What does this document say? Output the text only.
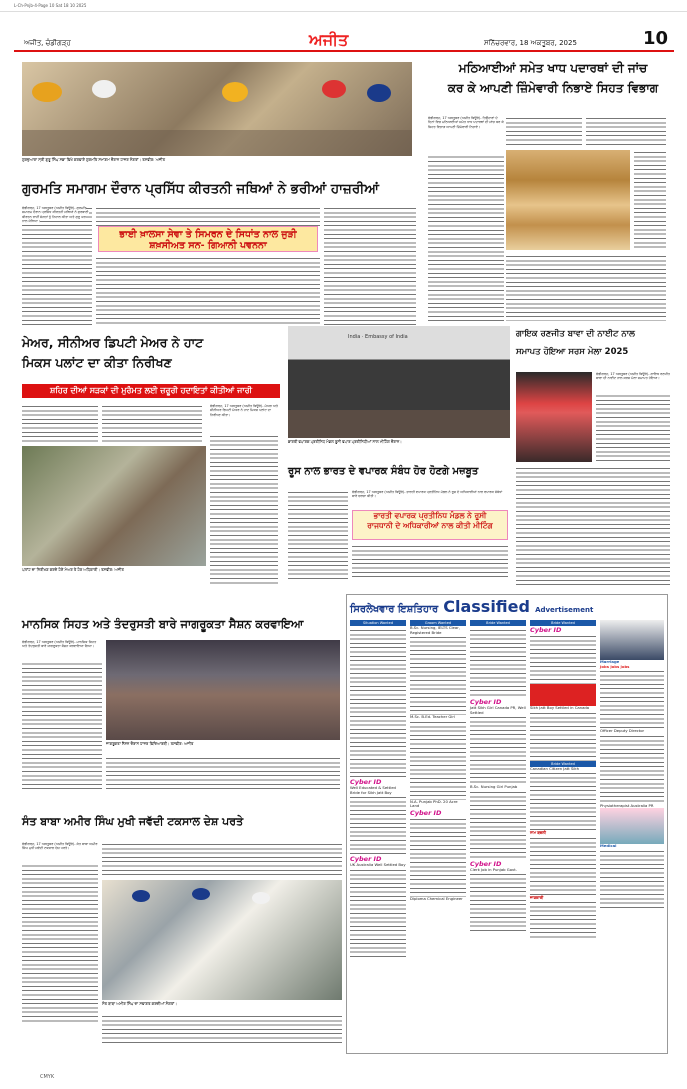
L-Ch-Pnjb-4-Page 10 Sat 18 10 2025
ਅਜੀਤ, ਚੰਡੀਗੜ੍ਹ	ਅਜੀਤ	ਸਨਿੱਚਰਵਾਰ, 18 ਅਕਤੂਬਰ, 2025	10
ਗੁਰਦੁਆਰਾ ਸ੍ਰੀ ਗੁਰੂ ਸਿੰਘ ਸਭਾ ਵਿਖੇ ਕਰਵਾਏ ਗੁਰਮਤਿ ਸਮਾਗਮ ਦੌਰਾਨ ਹਾਜ਼ਰ ਸੰਗਤਾਂ। ਤਸਵੀਰ: ਅਜੀਤ
ਗੁਰਮਤਿ ਸਮਾਗਮ ਦੌਰਾਨ ਪ੍ਰਸਿੱਧ ਕੀਰਤਨੀ ਜਥਿਆਂ ਨੇ ਭਰੀਆਂ ਹਾਜ਼ਰੀਆਂ
ਚੰਡੀਗੜ੍ਹ, 17 ਅਕਤੂਬਰ (ਅਜੀਤ ਬਿਊਰੋ)- ਗੁਰਮਤਿ ਸਮਾਗਮ ਦੌਰਾਨ ਪ੍ਰਸਿੱਧ ਕੀਰਤਨੀ ਜਥਿਆਂ ਨੇ ਗੁਰਬਾਣੀ ਕੀਰਤਨ ਰਾਹੀਂ ਸੰਗਤਾਂ ਨੂੰ ਨਿਹਾਲ ਕੀਤਾ ਅਤੇ ਗੁਰੂ ਘਰ ਨਾਲ ਜੋੜਿਆ।
ਭਾਈ ਖ਼ਾਲਸਾ ਸੇਵਾ ਤੇ ਸਿਮਰਨ ਦੇ ਸਿਧਾਂਤ ਨਾਲ ਜੁੜੀ ਸ਼ਖ਼ਸੀਅਤ ਸਨ- ਗਿਆਨੀ ਪਵਨਨਾ
ਮਠਿਆਈਆਂ ਸਮੇਤ ਖਾਧ ਪਦਾਰਥਾਂ ਦੀ ਜਾਂਚ
ਕਰ ਕੇ ਆਪਣੀ ਜ਼ਿੰਮੇਵਾਰੀ ਨਿਭਾਏ ਸਿਹਤ ਵਿਭਾਗ
ਚੰਡੀਗੜ੍ਹ, 17 ਅਕਤੂਬਰ (ਅਜੀਤ ਬਿਊਰੋ)- ਤਿਉਹਾਰਾਂ ਦੇ ਦਿਨਾਂ ਵਿਚ ਮਠਿਆਈਆਂ ਸਮੇਤ ਖਾਧ ਪਦਾਰਥਾਂ ਦੀ ਜਾਂਚ ਕਰ ਕੇ ਸਿਹਤ ਵਿਭਾਗ ਆਪਣੀ ਜ਼ਿੰਮੇਵਾਰੀ ਨਿਭਾਏ।
ਮੇਅਰ, ਸੀਨੀਅਰ ਡਿਪਟੀ ਮੇਅਰ ਨੇ ਹਾਟ
ਮਿਕਸ ਪਲਾਂਟ ਦਾ ਕੀਤਾ ਨਿਰੀਖਣ
ਸ਼ਹਿਰ ਦੀਆਂ ਸੜਕਾਂ ਦੀ ਮੁਰੰਮਤ ਲਈ ਜ਼ਰੂਰੀ ਹਦਾਇਤਾਂ ਕੀਤੀਆਂ ਜਾਰੀ
ਪਲਾਂਟ ਦਾ ਨਿਰੀਖਣ ਕਰਦੇ ਹੋਏ ਮੇਅਰ ਤੇ ਹੋਰ ਅਧਿਕਾਰੀ। ਤਸਵੀਰ: ਅਜੀਤ
ਚੰਡੀਗੜ੍ਹ, 17 ਅਕਤੂਬਰ (ਅਜੀਤ ਬਿਊਰੋ)- ਮੇਅਰ ਅਤੇ ਸੀਨੀਅਰ ਡਿਪਟੀ ਮੇਅਰ ਨੇ ਹਾਟ ਮਿਕਸ ਪਲਾਂਟ ਦਾ ਨਿਰੀਖਣ ਕੀਤਾ।
India · Embassy of India
ਭਾਰਤੀ ਵਪਾਰਕ ਪ੍ਰਤੀਨਿਧ ਮੰਡਲ ਰੂਸੀ ਵਪਾਰ ਪ੍ਰਤੀਨਿਧੀਆਂ ਨਾਲ ਮੀਟਿੰਗ ਦੌਰਾਨ।
ਰੂਸ ਨਾਲ ਭਾਰਤ ਦੇ ਵਪਾਰਕ ਸੰਬੰਧ ਹੋਰ ਹੋਣਗੇ ਮਜ਼ਬੂਤ
ਭਾਰਤੀ ਵਪਾਰਕ ਪ੍ਰਤੀਨਿਧ ਮੰਡਲ ਨੇ ਰੂਸੀ
ਰਾਜਧਾਨੀ ਦੇ ਅਧਿਕਾਰੀਆਂ ਨਾਲ ਕੀਤੀ ਮੀਟਿੰਗ
ਚੰਡੀਗੜ੍ਹ, 17 ਅਕਤੂਬਰ (ਅਜੀਤ ਬਿਊਰੋ)- ਭਾਰਤੀ ਵਪਾਰਕ ਪ੍ਰਤੀਨਿਧ ਮੰਡਲ ਨੇ ਰੂਸ ਦੇ ਅਧਿਕਾਰੀਆਂ ਨਾਲ ਵਪਾਰਕ ਸੰਬੰਧਾਂ ਬਾਰੇ ਚਰਚਾ ਕੀਤੀ।
ਗਾਇਕ ਰਣਜੀਤ ਬਾਵਾ ਦੀ ਨਾਈਟ ਨਾਲ
ਸਮਾਪਤ ਹੋਇਆ ਸਰਸ ਮੇਲਾ 2025
ਚੰਡੀਗੜ੍ਹ, 17 ਅਕਤੂਬਰ (ਅਜੀਤ ਬਿਊਰੋ)- ਗਾਇਕ ਰਣਜੀਤ ਬਾਵਾ ਦੀ ਨਾਈਟ ਨਾਲ ਸਰਸ ਮੇਲਾ ਸਮਾਪਤ ਹੋਇਆ।
ਮਾਨਸਿਕ ਸਿਹਤ ਅਤੇ ਤੰਦਰੁਸਤੀ ਬਾਰੇ ਜਾਗਰੂਕਤਾ ਸੈਸ਼ਨ ਕਰਵਾਇਆ
ਚੰਡੀਗੜ੍ਹ, 17 ਅਕਤੂਬਰ (ਅਜੀਤ ਬਿਊਰੋ)- ਮਾਨਸਿਕ ਸਿਹਤ ਅਤੇ ਤੰਦਰੁਸਤੀ ਬਾਰੇ ਜਾਗਰੂਕਤਾ ਸੈਸ਼ਨ ਕਰਵਾਇਆ ਗਿਆ।
ਜਾਗਰੂਕਤਾ ਸੈਸ਼ਨ ਦੌਰਾਨ ਹਾਜ਼ਰ ਵਿਦਿਆਰਥੀ। ਤਸਵੀਰ: ਅਜੀਤ
ਸੰਤ ਬਾਬਾ ਅਮੀਰ ਸਿੰਘ ਮੁਖੀ ਜਵੱਦੀ ਟਕਸਾਲ ਦੇਸ਼ ਪਰਤੇ
ਚੰਡੀਗੜ੍ਹ, 17 ਅਕਤੂਬਰ (ਅਜੀਤ ਬਿਊਰੋ)- ਸੰਤ ਬਾਬਾ ਅਮੀਰ ਸਿੰਘ ਮੁਖੀ ਜਵੱਦੀ ਟਕਸਾਲ ਦੇਸ਼ ਪਰਤੇ।
ਸੰਤ ਬਾਬਾ ਅਮੀਰ ਸਿੰਘ ਦਾ ਸਵਾਗਤ ਕਰਦੀਆਂ ਸੰਗਤਾਂ।
ਸਿਰਲੇਖਵਾਰ ਇਸ਼ਤਿਹਾਰ Classified Advertisement
Situation Wanted
Cyber ID
Well Educated & Settled Bride for Sikh Jatt Boy
Cyber ID
UK Australia Well Settled Boy
Groom Wanted
B.Sc. Nursing, IELTS Clear, Registered Bride
M.Sc. B.Ed. Teacher Girl
N.A. Punjab PhD. 20 Acre Land
Cyber ID
Diploma Chemical Engineer
Bride Wanted
Cyber ID
Jatt Sikh Girl Canada PR, Well Settled
B.Sc. Nursing Girl Punjab
Cyber ID
Clerk Job in Punjab Govt.
Bride Wanted
Cyber ID
Sikh Jatt Boy Settled in Canada
Bride Wanted
Canadian Citizen Jatt Sikh
ਨਾਮ ਬਦਲੀ
ਜਾਣਕਾਰੀ
Marriage
Jobs jobs jobs
Officer Deputy Director
Physiotherapist Australia PR
Medical
CMYK
